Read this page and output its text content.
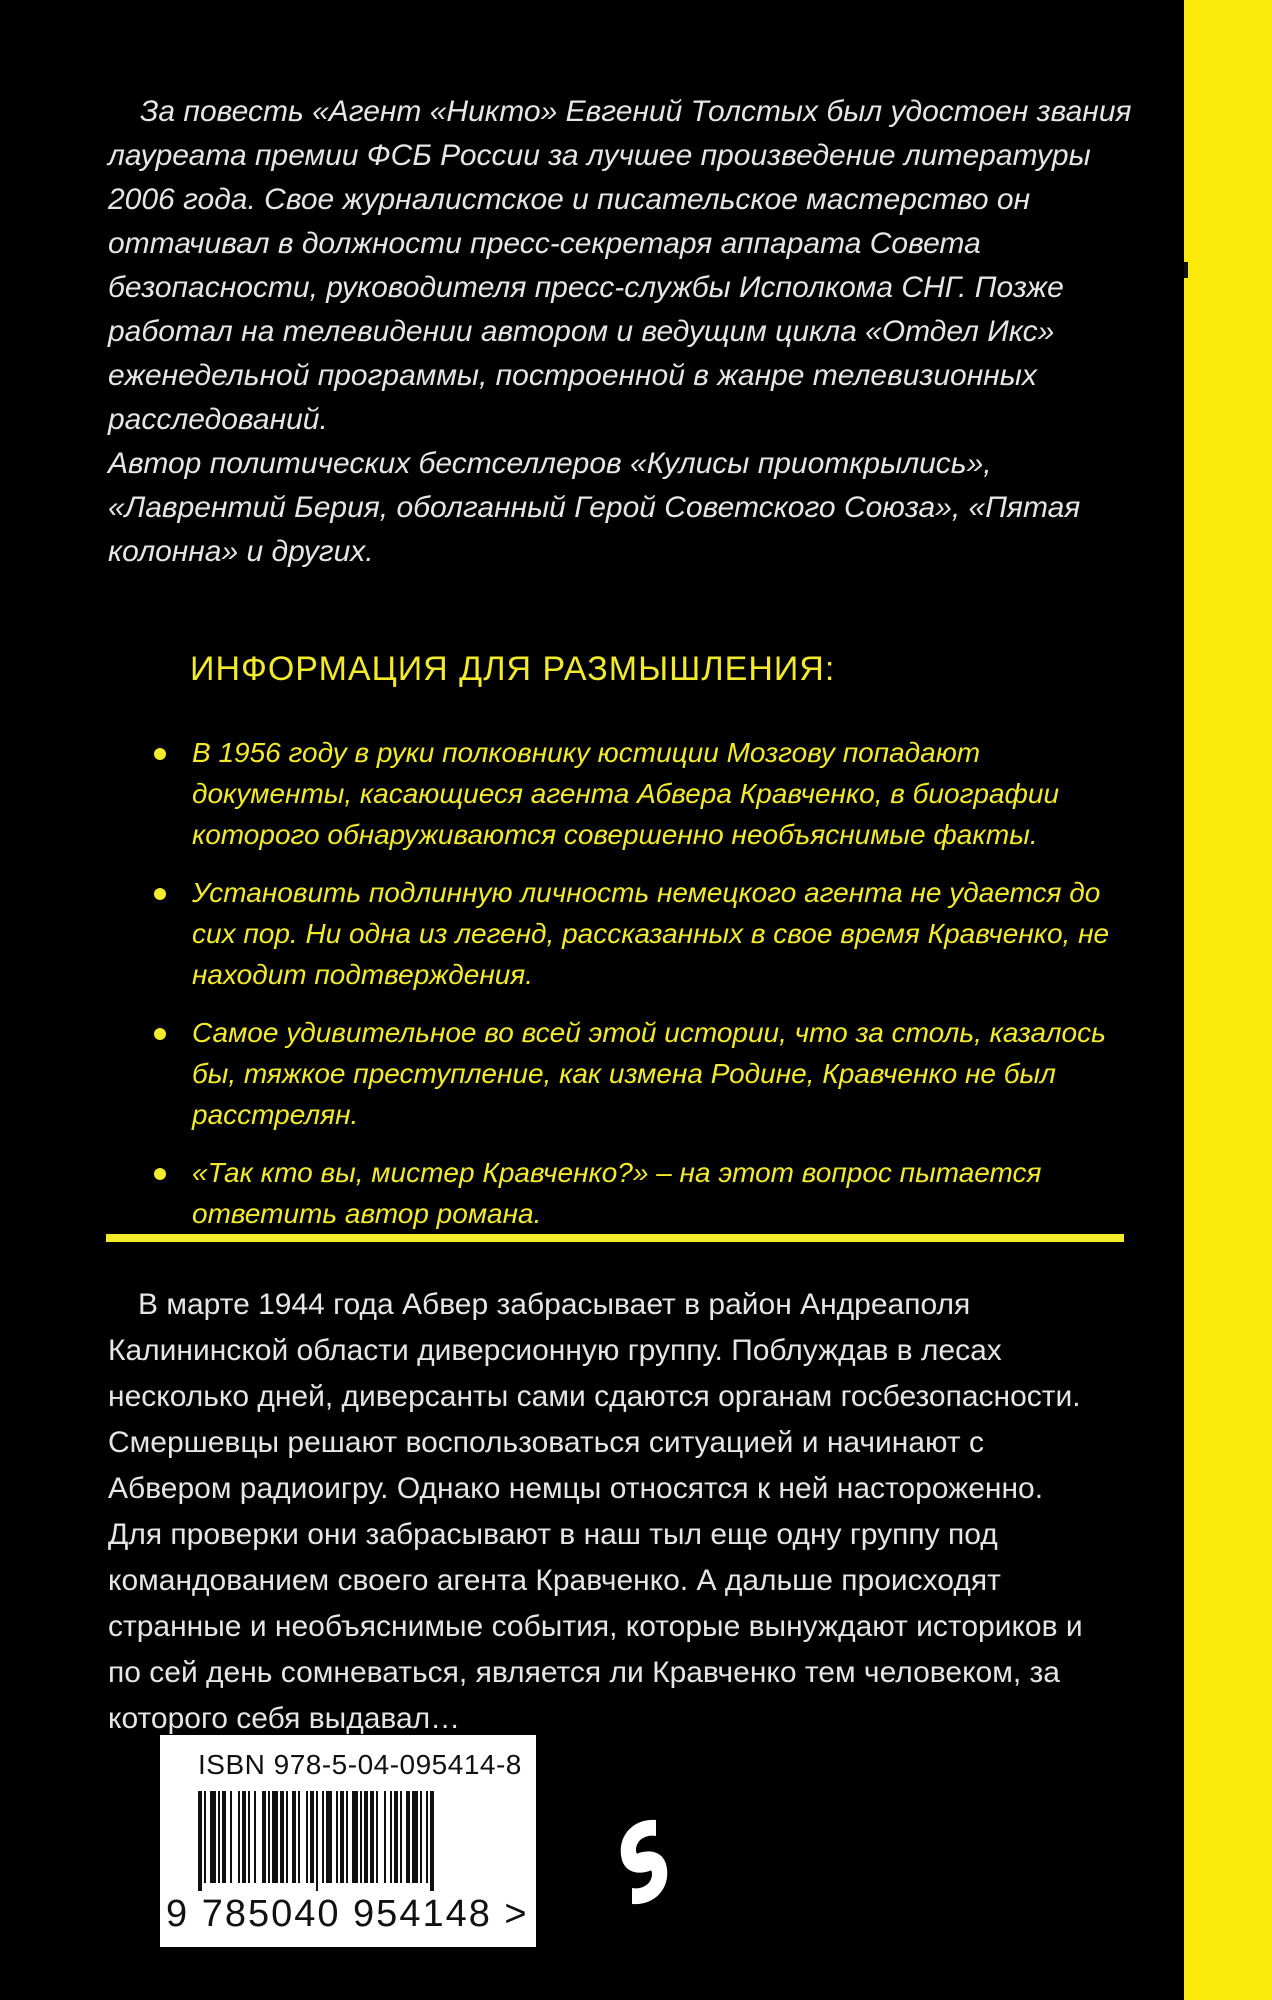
За повесть «Агент «Никто» Евгений Толстых был удостоен звания лауреата премии ФСБ России за лучшее произведение литературы 2006 года. Свое журналистское и писательское мастерство он оттачивал в должности пресс-секретаря аппарата Совета безопасности, руководителя пресс-службы Исполкома СНГ. Позже работал на телевидении автором и ведущим цикла «Отдел Икс» еженедельной программы, построенной в жанре телевизионных расследований.

Автор политических бестселлеров «Кулисы приоткрылись», «Лаврентий Берия, оболганный Герой Советского Союза», «Пятая колонна» и других.

ИНФОРМАЦИЯ ДЛЯ РАЗМЫШЛЕНИЯ:
В 1956 году в руки полковнику юстиции Мозгову попадают документы, касающиеся агента Абвера Кравченко, в биографии которого обнаруживаются совершенно необъяснимые факты.
Установить подлинную личность немецкого агента не удается до сих пор. Ни одна из легенд, рассказанных в свое время Кравченко, не находит подтверждения.
Самое удивительное во всей этой истории, что за столь, казалось бы, тяжкое преступление, как измена Родине, Кравченко не был расстрелян.
«Так кто вы, мистер Кравченко?» – на этот вопрос пытается ответить автор романа.

В марте 1944 года Абвер забрасывает в район Андреаполя Калининской области диверсионную группу. Поблуждав в лесах несколько дней, диверсанты сами сдаются органам госбезопасности. Смершевцы решают воспользоваться ситуацией и начинают с Абвером радиоигру. Однако немцы относятся к ней настороженно. Для проверки они забрасывают в наш тыл еще одну группу под командованием своего агента Кравченко. А дальше происходят странные и необъяснимые события, которые вынуждают историков и по сей день сомневаться, является ли Кравченко тем человеком, за которого себя выдавал…

ISBN 978-5-04-095414-8
9 785040 954148 >
